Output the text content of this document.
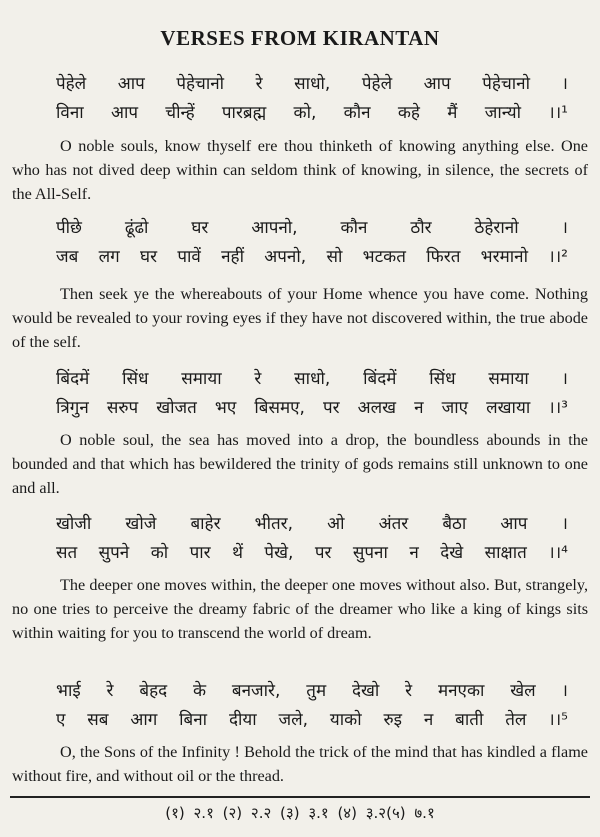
VERSES FROM KIRANTAN
पेहेले आप पेहेचानो रे साधो, पेहेले आप पेहेचानो ।
विना आप चीन्हें पारब्रह्म को, कौन कहे मैं जान्यो ।।¹
O noble souls, know thyself ere thou thinketh of knowing anything else. One who has not dived deep within can seldom think of knowing, in silence, the secrets of the All-Self.
पीछे ढूंढो घर आपनो, कौन ठौर ठेहेरानो ।
जब लग घर पावें नहीं अपनो, सो भटकत फिरत भरमानो ।।²
Then seek ye the whereabouts of your Home whence you have come. Nothing would be revealed to your roving eyes if they have not discovered within, the true abode of the self.
बिंदमें सिंध समाया रे साधो, बिंदमें सिंध समाया ।
त्रिगुन सरुप खोजत भए बिसमए, पर अलख न जाए लखाया ।।³
O noble soul, the sea has moved into a drop, the boundless abounds in the bounded and that which has bewildered the trinity of gods remains still unknown to one and all.
खोजी खोजे बाहेर भीतर, ओ अंतर बैठा आप ।
सत सुपने को पार थें पेखे, पर सुपना न देखे साक्षात ।।⁴
The deeper one moves within, the deeper one moves without also. But, strangely, no one tries to perceive the dreamy fabric of the dreamer who like a king of kings sits within waiting for you to transcend the world of dream.
भाई रे बेहद के बनजारे, तुम देखो रे मनएका खेल ।
ए सब आग बिना दीया जले, याको रुइ न बाती तेल ।।⁵
O, the Sons of the Infinity ! Behold the trick of the mind that has kindled a flame without fire, and without oil or the thread.
(१) २.१ (२) २.२ (३) ३.१ (४) ३.२(५) ७.१
